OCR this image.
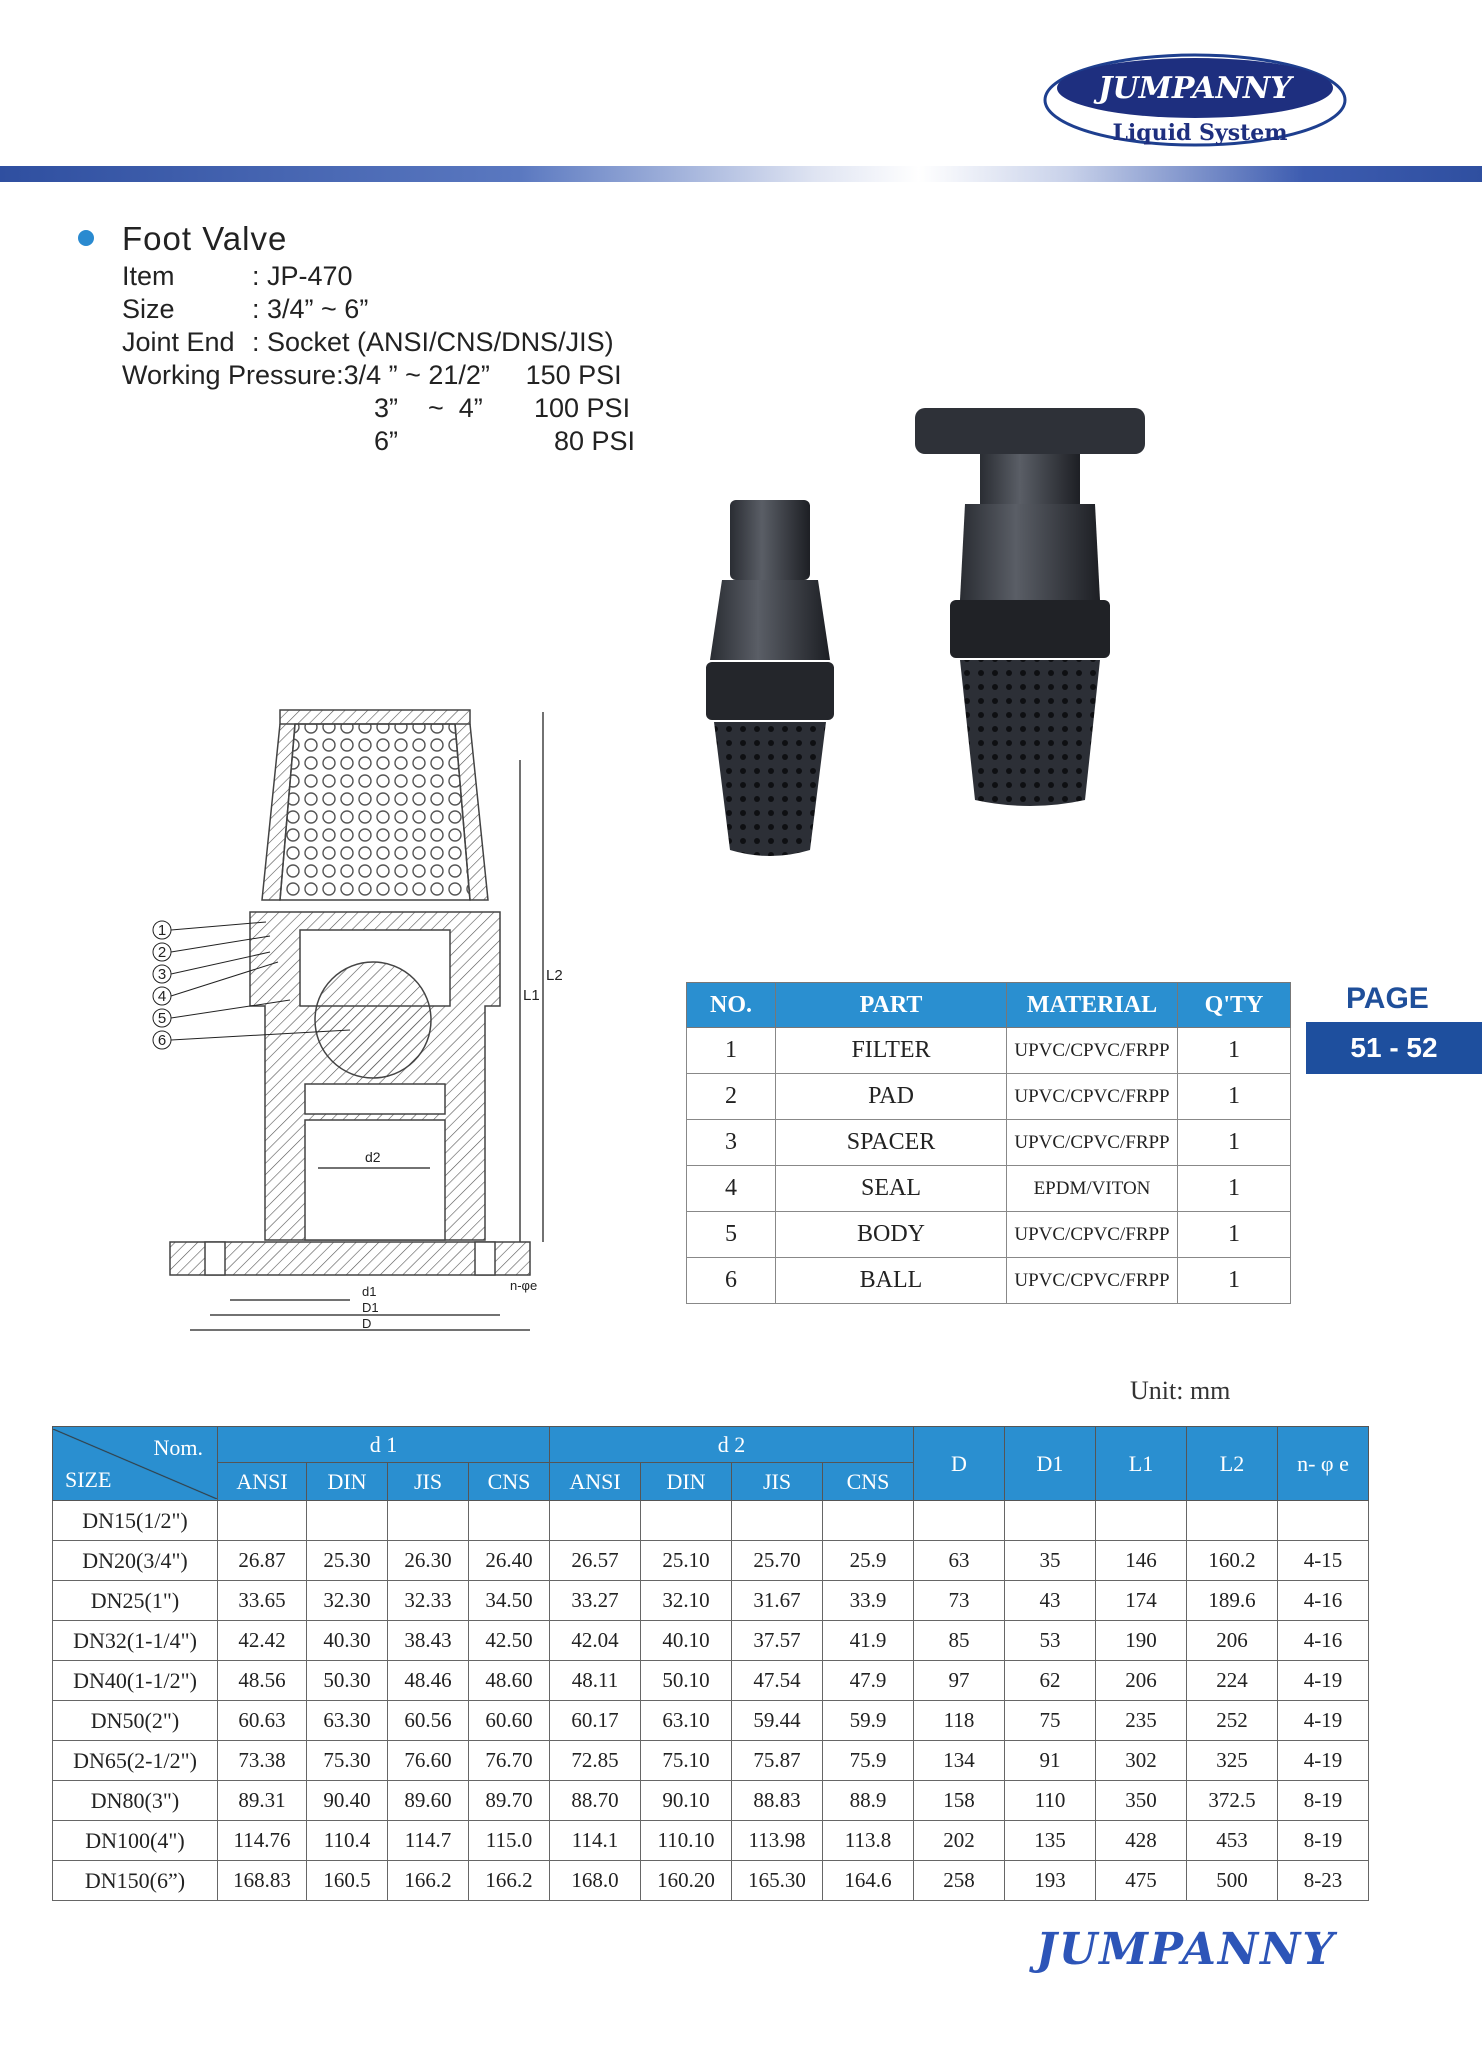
JUMPANNY
Liquid System
Foot Valve
Item	: JP-470
Size	: 3/4” ~ 6”
Joint End : Socket (ANSI/CNS/DNS/JIS)
Working Pressure:3/4 ” ~ 21/2” 150 PSI
3”    ~  4” 100 PSI
6”	80 PSI
1
2
3
4
5
6
L1
L2
d2
d1
D1
D
n-φe
NO.	PART	MATERIAL	Q'TY
1	FILTER	UPVC/CPVC/FRPP	1
2	PAD	UPVC/CPVC/FRPP	1
3	SPACER	UPVC/CPVC/FRPP	1
4	SEAL	EPDM/VITON	1
5	BODY	UPVC/CPVC/FRPP	1
6	BALL	UPVC/CPVC/FRPP	1
PAGE
51 - 52
Unit: mm
Nom.
SIZE	d 1				d 2				D	D1	L1	L2	n- φ e
	ANSI	DIN	JIS	CNS	ANSI	DIN	JIS	CNS					
DN15(1/2")													
DN20(3/4")	26.87	25.30	26.30	26.40	26.57	25.10	25.70	25.9	63	35	146	160.2	4-15
DN25(1")	33.65	32.30	32.33	34.50	33.27	32.10	31.67	33.9	73	43	174	189.6	4-16
DN32(1-1/4")	42.42	40.30	38.43	42.50	42.04	40.10	37.57	41.9	85	53	190	206	4-16
DN40(1-1/2")	48.56	50.30	48.46	48.60	48.11	50.10	47.54	47.9	97	62	206	224	4-19
DN50(2")	60.63	63.30	60.56	60.60	60.17	63.10	59.44	59.9	118	75	235	252	4-19
DN65(2-1/2")	73.38	75.30	76.60	76.70	72.85	75.10	75.87	75.9	134	91	302	325	4-19
DN80(3")	89.31	90.40	89.60	89.70	88.70	90.10	88.83	88.9	158	110	350	372.5	8-19
DN100(4")	114.76	110.4	114.7	115.0	114.1	110.10	113.98	113.8	202	135	428	453	8-19
DN150(6”)	168.83	160.5	166.2	166.2	168.0	160.20	165.30	164.6	258	193	475	500	8-23
JUMPANNY
